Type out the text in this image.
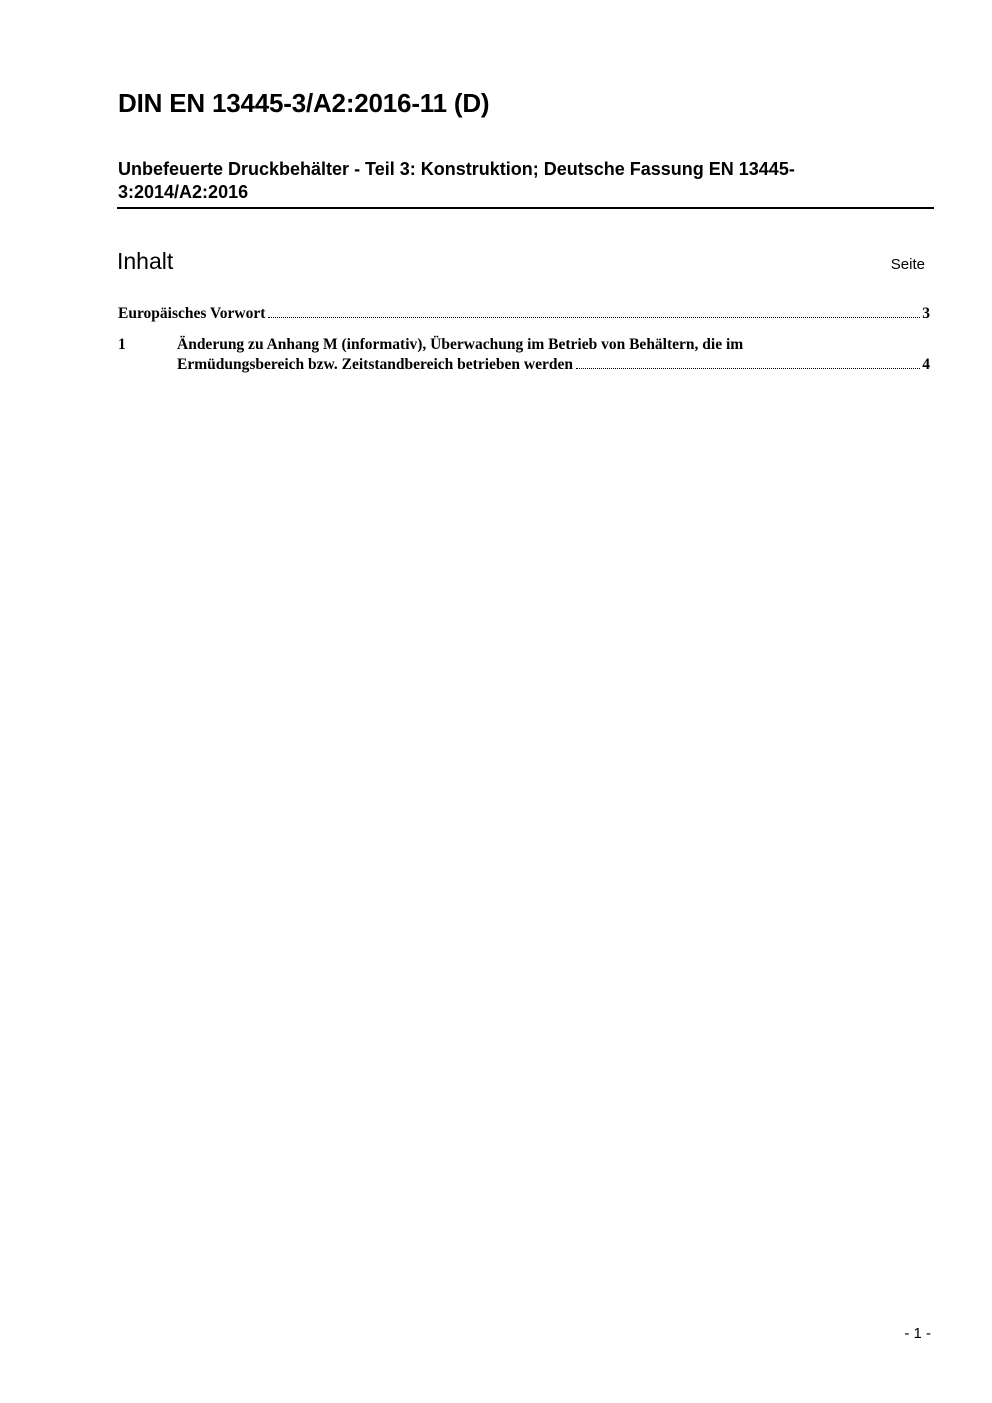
DIN EN 13445-3/A2:2016-11 (D)
Unbefeuerte Druckbehälter - Teil 3: Konstruktion; Deutsche Fassung EN 13445-3:2014/A2:2016
Inhalt	Seite
Europäisches Vorwort	3
1	Änderung zu Anhang M (informativ), Überwachung im Betrieb von Behältern, die im
Ermüdungsbereich bzw. Zeitstandbereich betrieben werden	4
- 1 -
